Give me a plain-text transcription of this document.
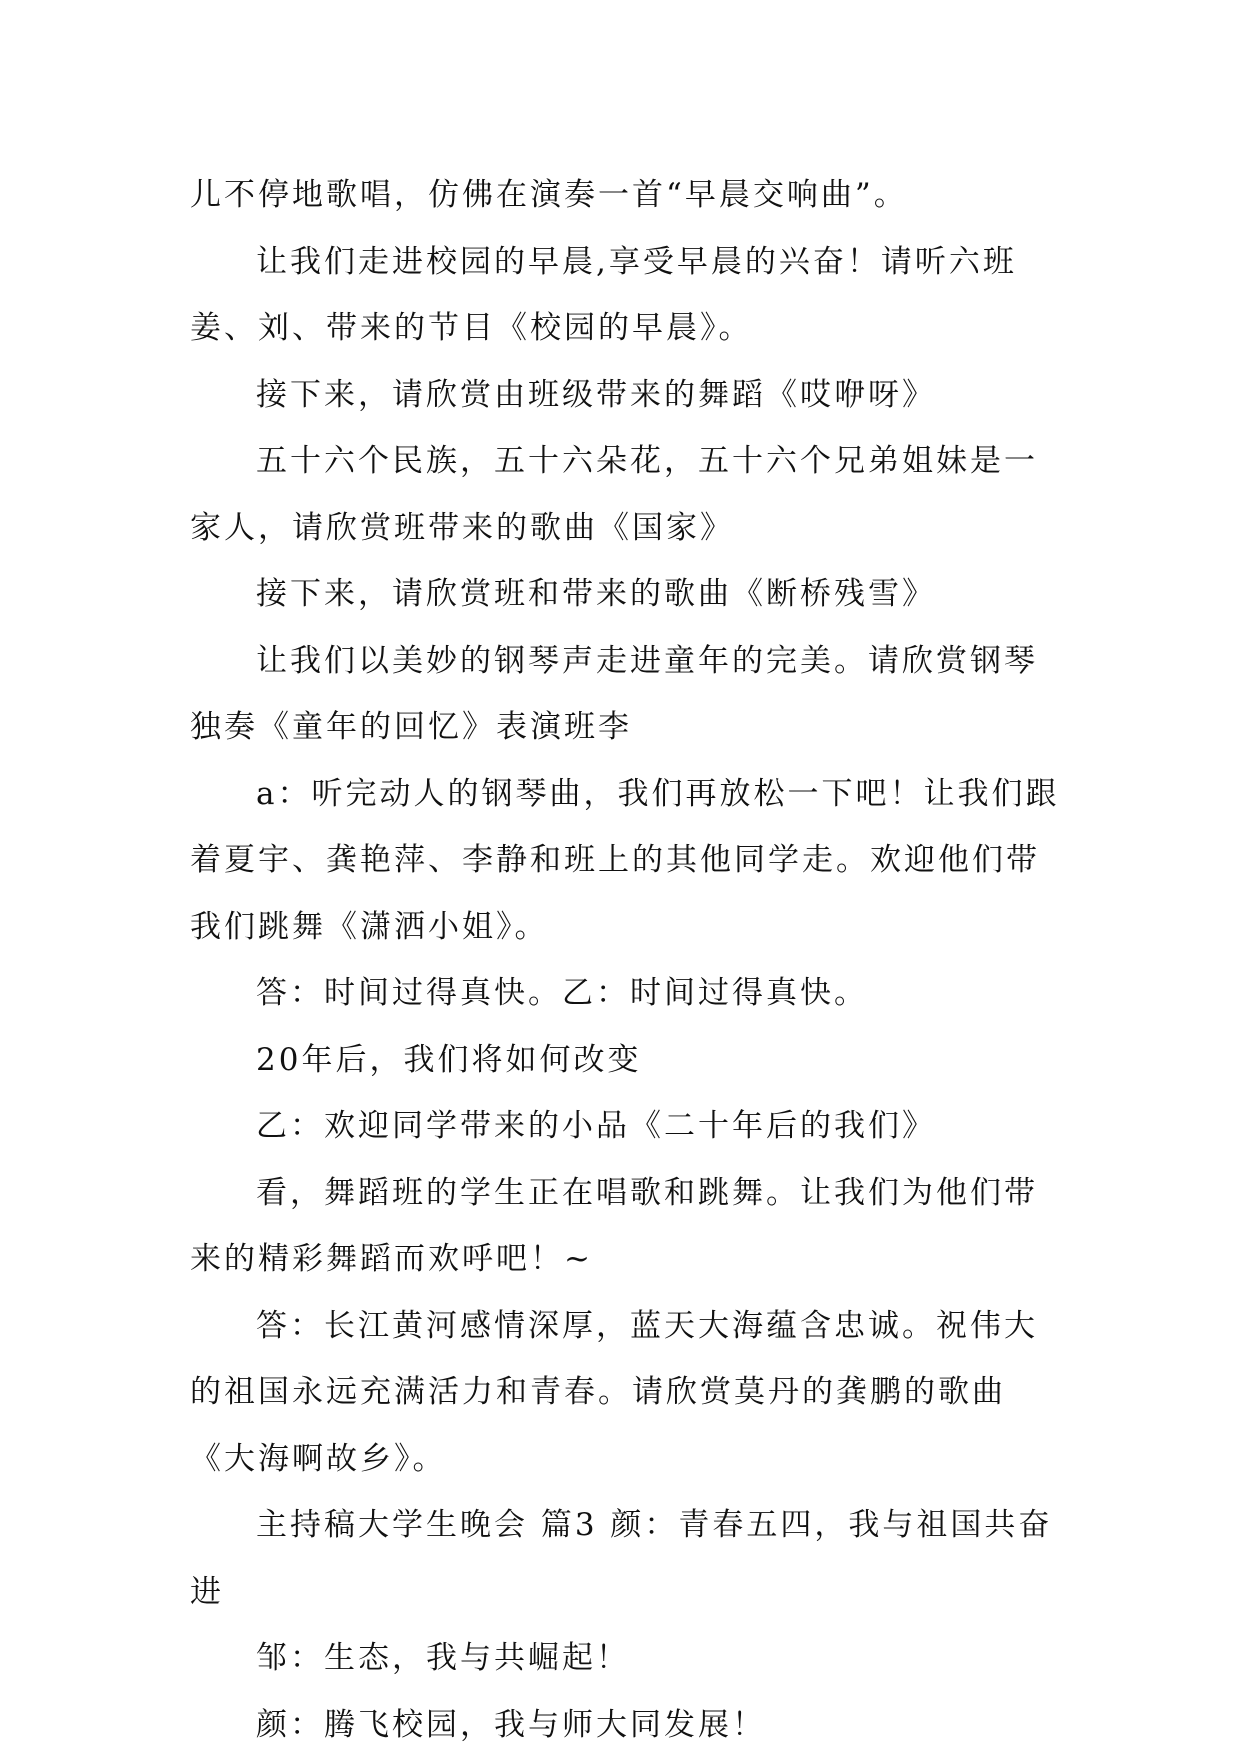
儿不停地歌唱，仿佛在演奏一首“早晨交响曲”。

让我们走进校园的早晨,享受早晨的兴奋！请听六班姜、刘、带来的节目《校园的早晨》。

接下来，请欣赏由班级带来的舞蹈《哎咿呀》

五十六个民族，五十六朵花，五十六个兄弟姐妹是一家人，请欣赏班带来的歌曲《国家》

接下来，请欣赏班和带来的歌曲《断桥残雪》

让我们以美妙的钢琴声走进童年的完美。请欣赏钢琴独奏《童年的回忆》表演班李

a：听完动人的钢琴曲，我们再放松一下吧！让我们跟着夏宇、龚艳萍、李静和班上的其他同学走。欢迎他们带我们跳舞《潇洒小姐》。

答：时间过得真快。乙：时间过得真快。

20年后，我们将如何改变

乙：欢迎同学带来的小品《二十年后的我们》

看，舞蹈班的学生正在唱歌和跳舞。让我们为他们带来的精彩舞蹈而欢呼吧！~

答：长江黄河感情深厚，蓝天大海蕴含忠诚。祝伟大的祖国永远充满活力和青春。请欣赏莫丹的龚鹏的歌曲《大海啊故乡》。

主持稿大学生晚会 篇3 颜：青春五四，我与祖国共奋进

邹：生态，我与共崛起！

颜：腾飞校园，我与师大同发展！
